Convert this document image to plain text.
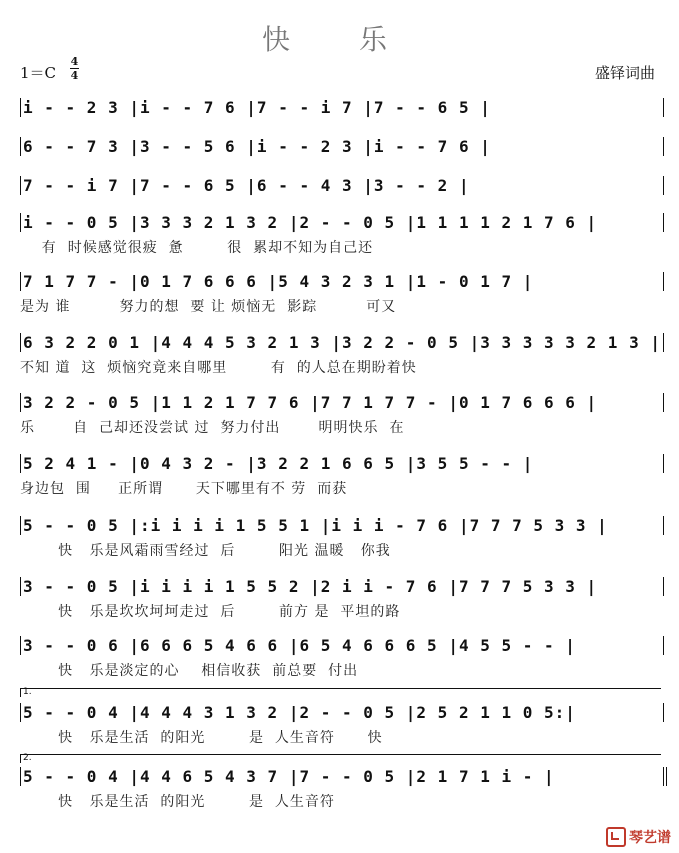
快 乐
1＝C
4
4	盛铎词曲
i - - 2 3 |i - - 7 6 |7 - - i 7 |7 - - 6 5 |
6 - - 7 3 |3 - - 5 6 |i - - 2 3 |i - - 7 6 |
7 - - i 7 |7 - - 6 5 |6 - - 4 3 |3 - - 2 |
i - - 0 5 |3 3 3 2 1 3 2 |2 - - 0 5 |1 1 1 1 2 1 7 6 |
有  时候感觉很疲  惫        很  累却不知为自己还
7 1 7 7 - |0 1 7 6 6 6 |5 4 3 2 3 1 |1 - 0 1 7 |
是为 谁         努力的想  要 让 烦恼无  影踪         可又
6 3 2 2 0 1 |4 4 4 5 3 2 1 3 |3 2 2 - 0 5 |3 3 3 3 3 2 1 3 |
不知 道  这  烦恼究竟来自哪里        有  的人总在期盼着快
3 2 2 - 0 5 |1 1 2 1 7 7 6 |7 7 1 7 7 - |0 1 7 6 6 6 |
乐       自  己却还没尝试 过  努力付出       明明快乐  在
5 2 4 1 - |0 4 3 2 - |3 2 2 1 6 6 5 |3 5 5 - - |
身边包  围     正所谓      天下哪里有不 劳  而获
5 - - 0 5 |:i i i i 1 5 5 1 |i i i - 7 6 |7 7 7 5 3 3 |
快   乐是风霜雨雪经过  后        阳光 温暖   你我
3 - - 0 5 |i i i i 1 5 5 2 |2 i i - 7 6 |7 7 7 5 3 3 |
快   乐是坎坎坷坷走过  后        前方 是  平坦的路
3 - - 0 6 |6 6 6 5 4 6 6 |6 5 4 6 6 6 5 |4 5 5 - - |
快   乐是淡定的心    相信收获  前总要  付出
1.
5 - - 0 4 |4 4 4 3 1 3 2 |2 - - 0 5 |2 5 2 1 1 0 5:|
快   乐是生活  的阳光        是  人生音符      快
2.
5 - - 0 4 |4 4 6 5 4 3 7 |7 - - 0 5 |2 1 7 1 i - |
快   乐是生活  的阳光        是  人生音符
琴艺谱
